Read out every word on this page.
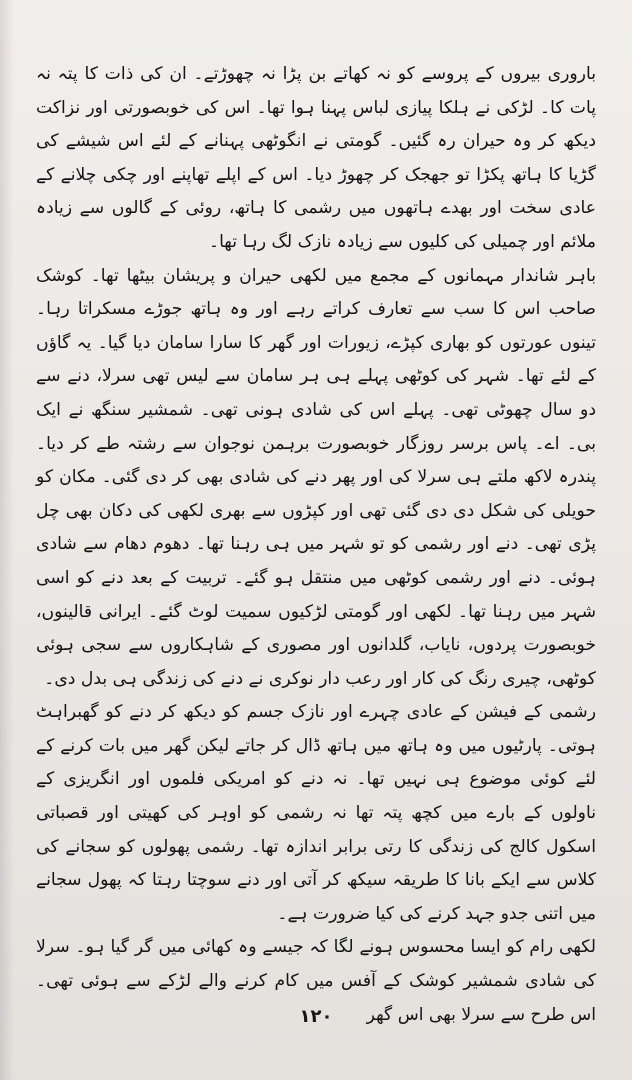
باروری بیروں کے پروسے کو نہ کھاتے بن پڑا نہ چھوڑتے۔ ان کی ذات کا پتہ نہ پات کا۔ لڑکی نے ہلکا پیازی لباس پہنا ہوا تھا۔ اس کی خوبصورتی اور نزاکت دیکھ کر وہ حیران رہ گئیں۔ گومتی نے انگوٹھی پہنانے کے لئے اس شیشے کی گڑیا کا ہاتھ پکڑا تو جھجک کر چھوڑ دیا۔ اس کے اپلے تھاپنے اور چکی چلانے کے عادی سخت اور بھدے ہاتھوں میں رشمی کا ہاتھ، روئی کے گالوں سے زیادہ ملائم اور چمیلی کی کلیوں سے زیادہ نازک لگ رہا تھا۔

باہر شاندار مہمانوں کے مجمع میں لکھی حیران و پریشان بیٹھا تھا۔ کوشک صاحب اس کا سب سے تعارف کراتے رہے اور وہ ہاتھ جوڑے مسکراتا رہا۔ تینوں عورتوں کو بھاری کپڑے، زیورات اور گھر کا سارا سامان دیا گیا۔ یہ گاؤں کے لئے تھا۔ شہر کی کوٹھی پہلے ہی ہر سامان سے لیس تھی سرلا، دنے سے دو سال چھوٹی تھی۔ پہلے اس کی شادی ہونی تھی۔ شمشیر سنگھ نے ایک بی۔ اے۔ پاس برسر روزگار خوبصورت برہمن نوجوان سے رشتہ طے کر دیا۔ پندرہ لاکھ ملتے ہی سرلا کی اور پھر دنے کی شادی بھی کر دی گئی۔ مکان کو حویلی کی شکل دی دی گئی تھی اور کپڑوں سے بھری لکھی کی دکان بھی چل پڑی تھی۔ دنے اور رشمی کو تو شہر میں ہی رہنا تھا۔ دھوم دھام سے شادی ہوئی۔ دنے اور رشمی کوٹھی میں منتقل ہو گئے۔ تربیت کے بعد دنے کو اسی شہر میں رہنا تھا۔ لکھی اور گومتی لڑکیوں سمیت لوٹ گئے۔ ایرانی قالینوں، خوبصورت پردوں، نایاب، گلدانوں اور مصوری کے شاہکاروں سے سجی ہوئی کوٹھی، چیری رنگ کی کار اور رعب دار نوکری نے دنے کی زندگی ہی بدل دی۔

رشمی کے فیشن کے عادی چہرے اور نازک جسم کو دیکھ کر دنے کو گھبراہٹ ہوتی۔ پارٹیوں میں وہ ہاتھ میں ہاتھ ڈال کر جاتے لیکن گھر میں بات کرنے کے لئے کوئی موضوع ہی نہیں تھا۔ نہ دنے کو امریکی فلموں اور انگریزی کے ناولوں کے بارے میں کچھ پتہ تھا نہ رشمی کو اوہر کی کھیتی اور قصباتی اسکول کالج کی زندگی کا رتی برابر اندازہ تھا۔ رشمی پھولوں کو سجانے کی کلاس سے ایکے بانا کا طریقہ سیکھ کر آتی اور دنے سوچتا رہتا کہ پھول سجانے میں اتنی جدو جہد کرنے کی کیا ضرورت ہے۔

لکھی رام کو ایسا محسوس ہونے لگا کہ جیسے وہ کھائی میں گر گیا ہو۔ سرلا کی شادی شمشیر کوشک کے آفس میں کام کرنے والے لڑکے سے ہوئی تھی۔ اس طرح سے سرلا بھی اس گھر

١٢٠
